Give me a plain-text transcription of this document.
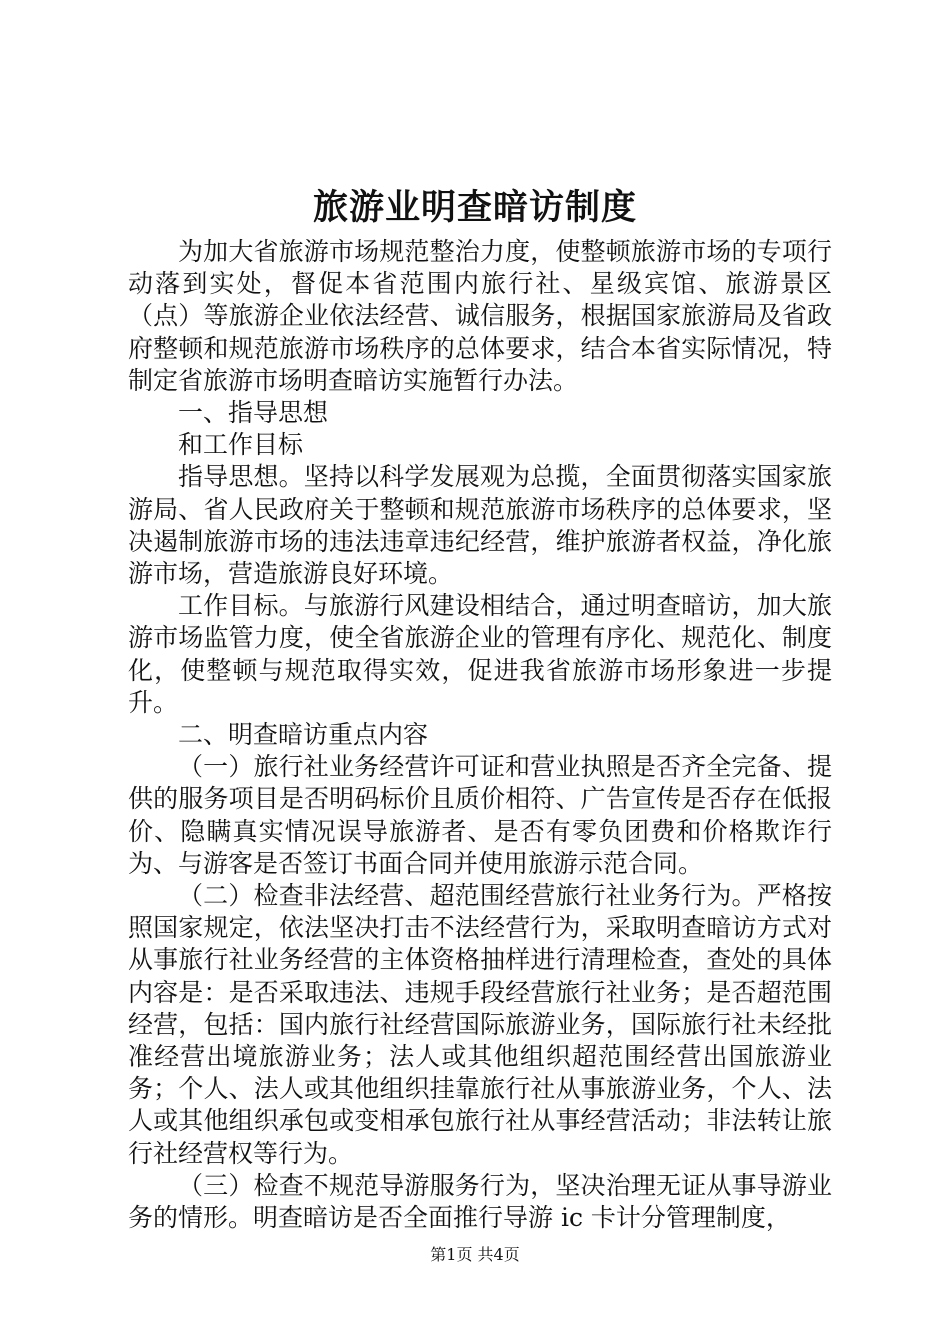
旅游业明查暗访制度

为加大省旅游市场规范整治力度，使整顿旅游市场的专项行动落到实处，督促本省范围内旅行社、星级宾馆、旅游景区（点）等旅游企业依法经营、诚信服务，根据国家旅游局及省政府整顿和规范旅游市场秩序的总体要求，结合本省实际情况，特制定省旅游市场明查暗访实施暂行办法。

一、指导思想

和工作目标

指导思想。坚持以科学发展观为总揽，全面贯彻落实国家旅游局、省人民政府关于整顿和规范旅游市场秩序的总体要求，坚决遏制旅游市场的违法违章违纪经营，维护旅游者权益，净化旅游市场，营造旅游良好环境。

工作目标。与旅游行风建设相结合，通过明查暗访，加大旅游市场监管力度，使全省旅游企业的管理有序化、规范化、制度化，使整顿与规范取得实效，促进我省旅游市场形象进一步提升。

二、明查暗访重点内容

（一）旅行社业务经营许可证和营业执照是否齐全完备、提供的服务项目是否明码标价且质价相符、广告宣传是否存在低报价、隐瞒真实情况误导旅游者、是否有零负团费和价格欺诈行为、与游客是否签订书面合同并使用旅游示范合同。

（二）检查非法经营、超范围经营旅行社业务行为。严格按照国家规定，依法坚决打击不法经营行为，采取明查暗访方式对从事旅行社业务经营的主体资格抽样进行清理检查，查处的具体内容是：是否采取违法、违规手段经营旅行社业务；是否超范围经营，包括：国内旅行社经营国际旅游业务，国际旅行社未经批准经营出境旅游业务；法人或其他组织超范围经营出国旅游业务；个人、法人或其他组织挂靠旅行社从事旅游业务，个人、法人或其他组织承包或变相承包旅行社从事经营活动；非法转让旅行社经营权等行为。

（三）检查不规范导游服务行为，坚决治理无证从事导游业务的情形。明查暗访是否全面推行导游 ic 卡计分管理制度，

第1页 共4页
